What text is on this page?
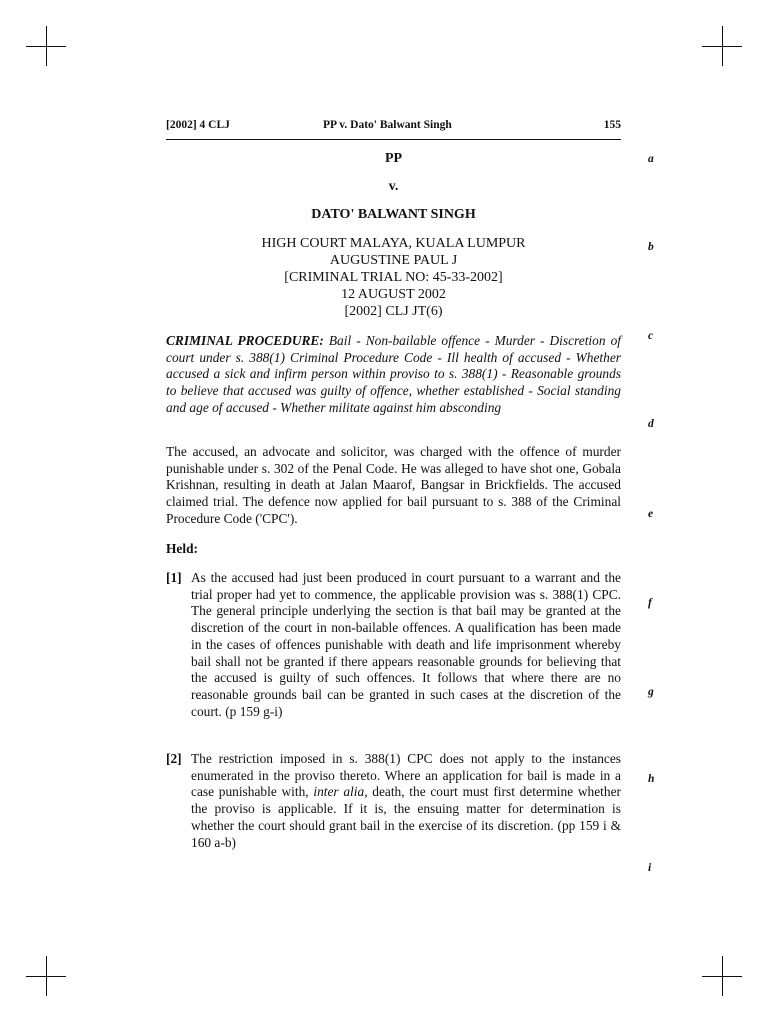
[2002] 4 CLJ	PP v. Dato' Balwant Singh	155
PP
v.
DATO' BALWANT SINGH
HIGH COURT MALAYA, KUALA LUMPUR
AUGUSTINE PAUL J
[CRIMINAL TRIAL NO: 45-33-2002]
12 AUGUST 2002
[2002] CLJ JT(6)
CRIMINAL PROCEDURE: Bail - Non-bailable offence - Murder - Discretion of court under s. 388(1) Criminal Procedure Code - Ill health of accused - Whether accused a sick and infirm person within proviso to s. 388(1) - Reasonable grounds to believe that accused was guilty of offence, whether established - Social standing and age of accused - Whether militate against him absconding
The accused, an advocate and solicitor, was charged with the offence of murder punishable under s. 302 of the Penal Code. He was alleged to have shot one, Gobala Krishnan, resulting in death at Jalan Maarof, Bangsar in Brickfields. The accused claimed trial. The defence now applied for bail pursuant to s. 388 of the Criminal Procedure Code ('CPC').
Held:
[1] As the accused had just been produced in court pursuant to a warrant and the trial proper had yet to commence, the applicable provision was s. 388(1) CPC. The general principle underlying the section is that bail may be granted at the discretion of the court in non-bailable offences. A qualification has been made in the cases of offences punishable with death and life imprisonment whereby bail shall not be granted if there appears reasonable grounds for believing that the accused is guilty of such offences. It follows that where there are no reasonable grounds bail can be granted in such cases at the discretion of the court. (p 159 g-i)
[2] The restriction imposed in s. 388(1) CPC does not apply to the instances enumerated in the proviso thereto. Where an application for bail is made in a case punishable with, inter alia, death, the court must first determine whether the proviso is applicable. If it is, the ensuing matter for determination is whether the court should grant bail in the exercise of its discretion. (pp 159 i & 160 a-b)
a
b
c
d
e
f
g
h
i
